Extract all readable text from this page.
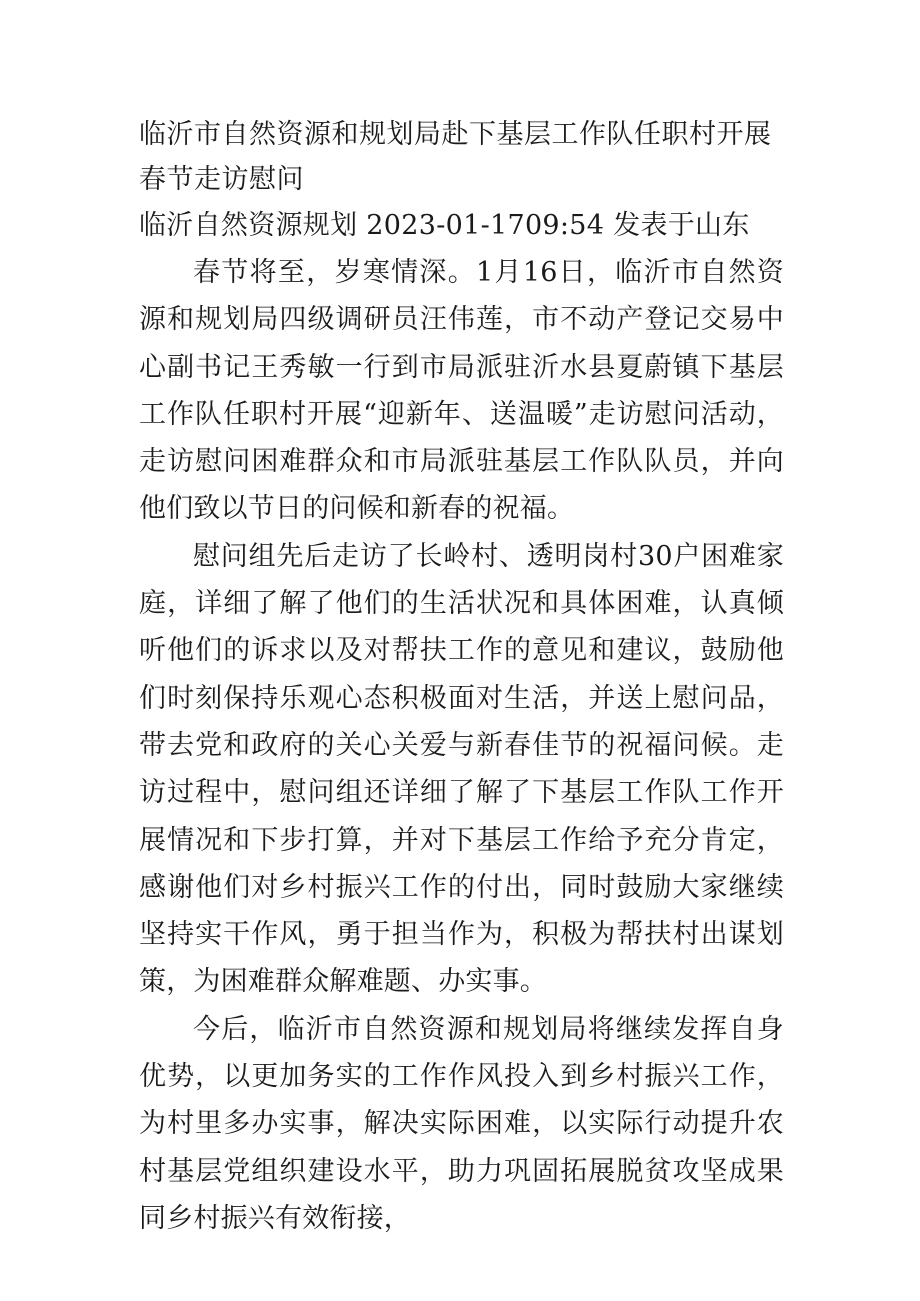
临沂市自然资源和规划局赴下基层工作队任职村开展春节走访慰问

临沂自然资源规划 2023-01-1709:54 发表于山东

春节将至，岁寒情深。1月16日，临沂市自然资源和规划局四级调研员汪伟莲，市不动产登记交易中心副书记王秀敏一行到市局派驻沂水县夏蔚镇下基层工作队任职村开展“迎新年、送温暖”走访慰问活动，走访慰问困难群众和市局派驻基层工作队队员，并向他们致以节日的问候和新春的祝福。

慰问组先后走访了长岭村、透明岗村30户困难家庭，详细了解了他们的生活状况和具体困难，认真倾听他们的诉求以及对帮扶工作的意见和建议，鼓励他们时刻保持乐观心态积极面对生活，并送上慰问品，带去党和政府的关心关爱与新春佳节的祝福问候。走访过程中，慰问组还详细了解了下基层工作队工作开展情况和下步打算，并对下基层工作给予充分肯定，感谢他们对乡村振兴工作的付出，同时鼓励大家继续坚持实干作风，勇于担当作为，积极为帮扶村出谋划策，为困难群众解难题、办实事。

今后，临沂市自然资源和规划局将继续发挥自身优势，以更加务实的工作作风投入到乡村振兴工作，为村里多办实事，解决实际困难，以实际行动提升农村基层党组织建设水平，助力巩固拓展脱贫攻坚成果同乡村振兴有效衔接，
